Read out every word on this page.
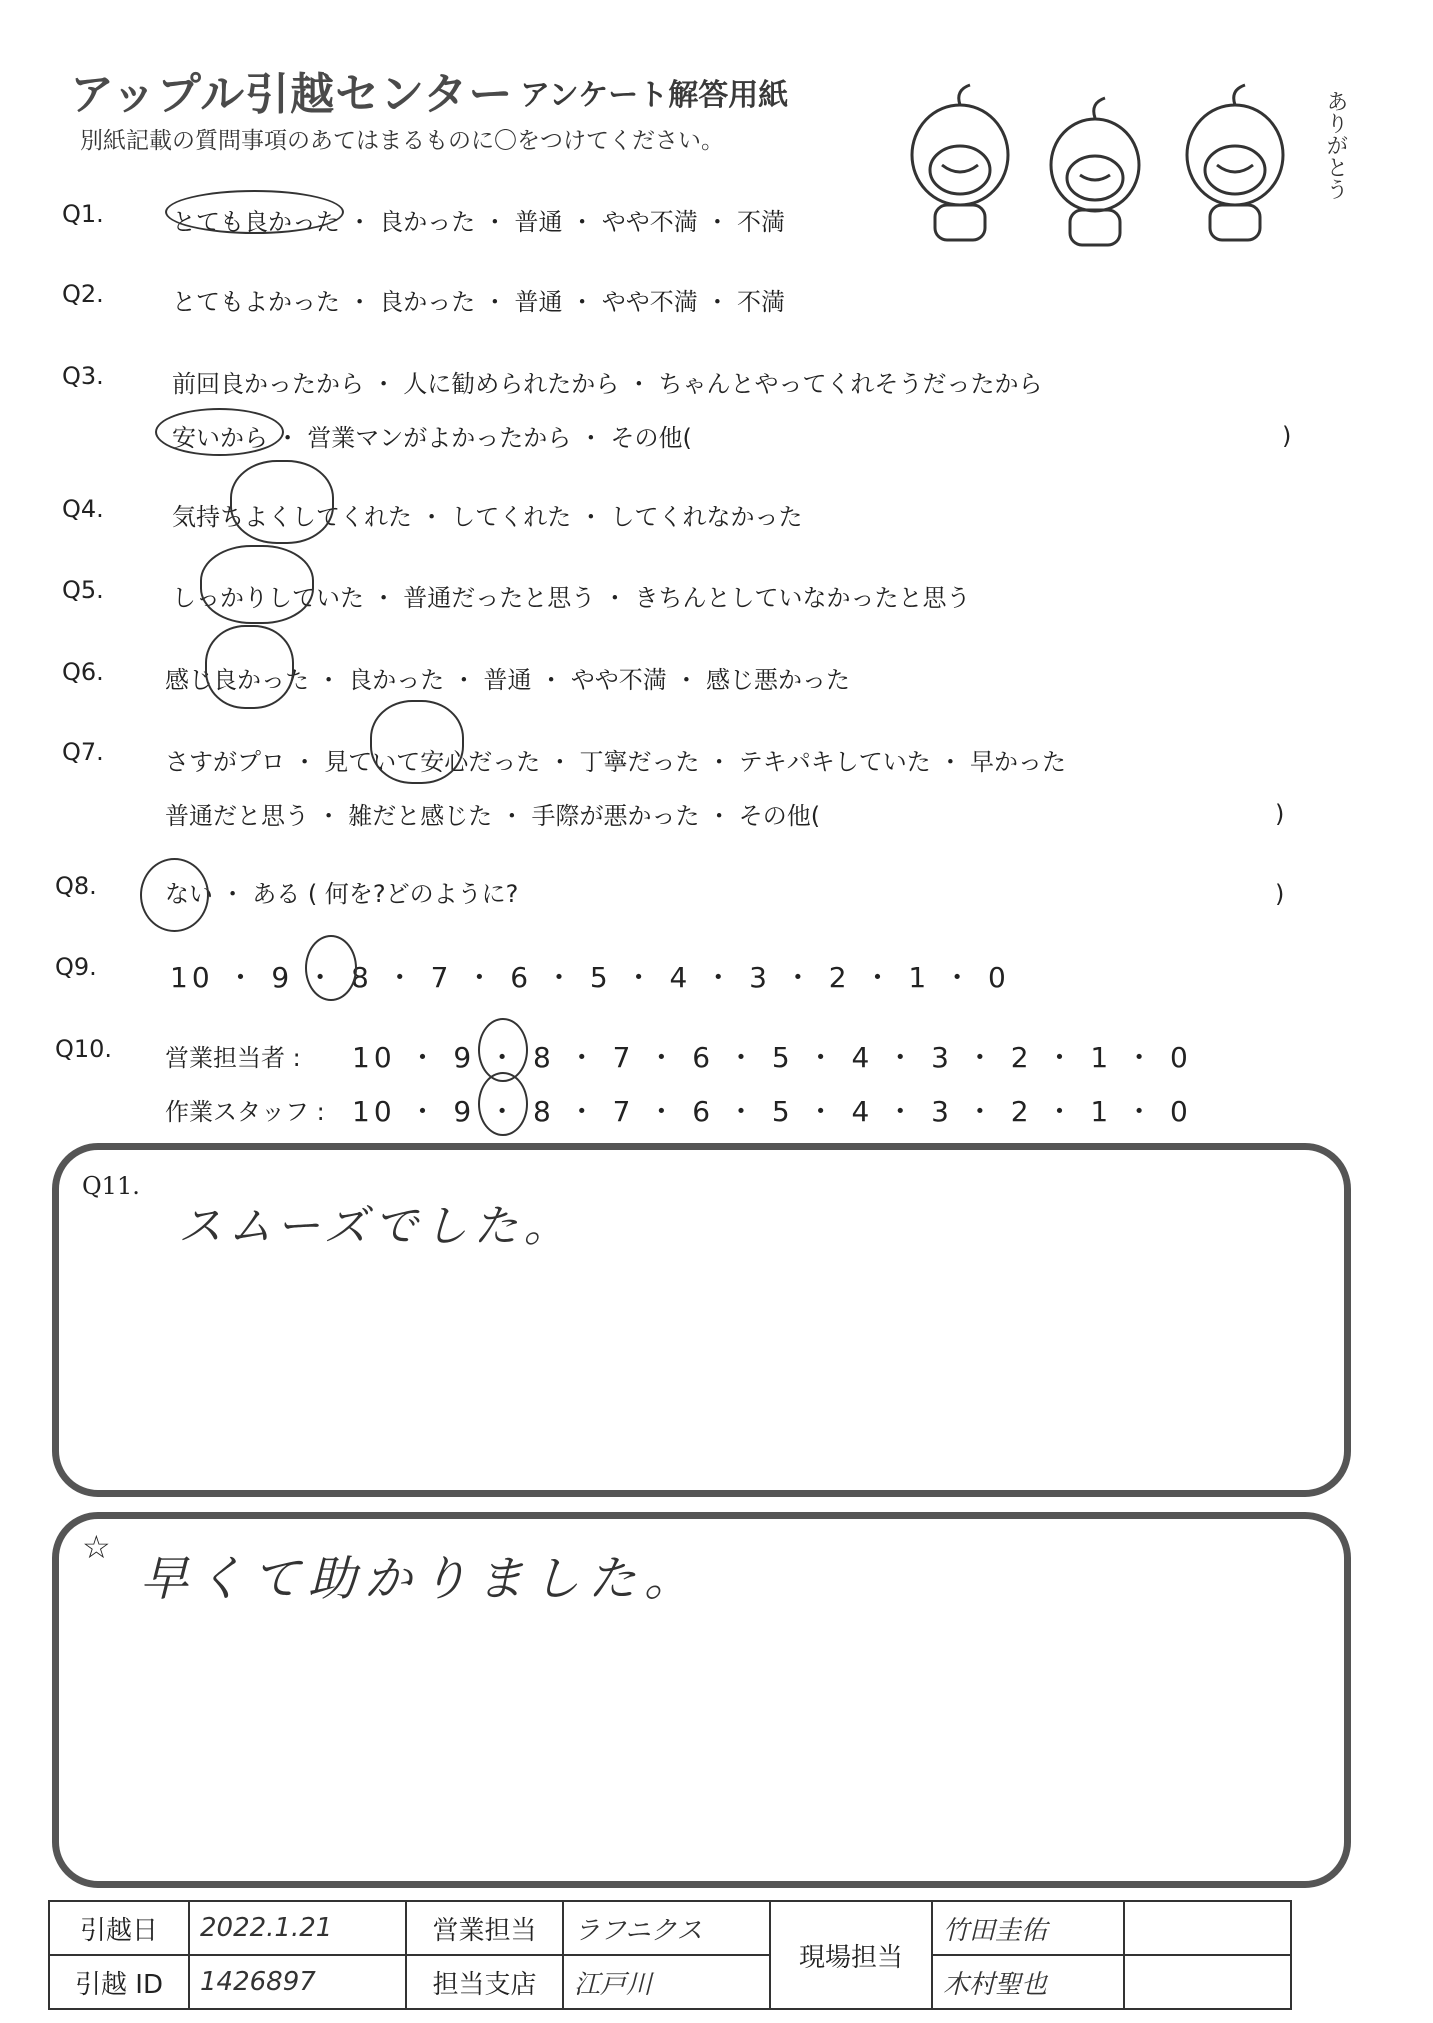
アップル引越センター アンケート解答用紙
別紙記載の質問事項のあてはまるものに〇をつけてください。	ありがとう
Q1.	とても良かった ・ 良かった ・ 普通 ・ やや不満 ・ 不満
Q2.	とてもよかった ・ 良かった ・ 普通 ・ やや不満 ・ 不満
Q3.	前回良かったから ・ 人に勧められたから ・ ちゃんとやってくれそうだったから
安いから ・ 営業マンがよかったから ・ その他(	)
Q4.	気持ちよくしてくれた ・ してくれた ・ してくれなかった
Q5.	しっかりしていた ・ 普通だったと思う ・ きちんとしていなかったと思う
Q6.	感じ良かった ・ 良かった ・ 普通 ・ やや不満 ・ 感じ悪かった
Q7.	さすがプロ ・ 見ていて安心だった ・ 丁寧だった ・ テキパキしていた ・ 早かった
普通だと思う ・ 雑だと感じた ・ 手際が悪かった ・ その他(	)
Q8.	ない ・ ある ( 何を?どのように?	)
Q9.	10 ・ 9 ・ 8 ・ 7 ・ 6 ・ 5 ・ 4 ・ 3 ・ 2 ・ 1 ・ 0
Q10. 営業担当者 : 10 ・ 9 ・ 8 ・ 7 ・ 6 ・ 5 ・ 4 ・ 3 ・ 2 ・ 1 ・ 0
作業スタッフ : 10 ・ 9 ・ 8 ・ 7 ・ 6 ・ 5 ・ 4 ・ 3 ・ 2 ・ 1 ・ 0
Q11.
スムーズでした。
☆
早くて助かりました。
引越日	2022.1.21	営業担当	ラフニクス	現場担当	竹田圭佑	
引越 ID	1426897	担当支店	江戸川		木村聖也	
